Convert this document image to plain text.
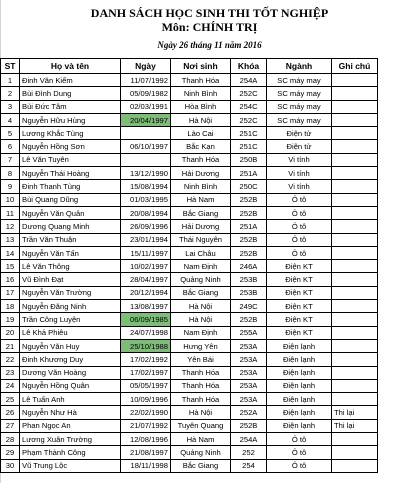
DANH SÁCH HỌC SINH THI TỐT NGHIỆP
Môn: CHÍNH TRỊ
Ngày 26 tháng 11 năm 2016
ST	Họ và tên	Ngày	Nơi sinh	Khóa	Ngành	Ghi chú
1	Đinh Văn Kiểm	11/07/1992	Thanh Hóa	254A	SC máy may	
2	Bùi Đình Dung	05/09/1982	Ninh Bình	252C	SC máy may	
3	Bùi Đức Tâm	02/03/1991	Hòa Bình	254C	SC máy may	
4	Nguyễn Hữu Hùng	20/04/1997	Hà Nội	252C	SC máy may	
5	Lương Khắc Tùng		Lào Cai	251C	Điện tử	
6	Nguyễn Hồng Sơn	06/10/1997	Bắc Kạn	251C	Điện tử	
7	Lê Văn Tuyên		Thanh Hóa	250B	Vi tính	
8	Nguyễn Thái Hoàng	13/12/1990	Hải Dương	251A	Vi tính	
9	Đinh Thanh Tùng	15/08/1994	Ninh Bình	250C	Vi tính	
10	Bùi Quang Dũng	01/03/1995	Hà Nam	252B	Ô tô	
11	Nguyễn Văn Quân	20/08/1994	Bắc Giang	252B	Ô tô	
12	Dương Quang Minh	26/09/1996	Hải Dương	251A	Ô tô	
13	Trần Văn Thuận	23/01/1994	Thái Nguyên	252B	Ô tô	
14	Nguyễn Văn Tấn	15/11/1997	Lai Châu	252B	Ô tô	
15	Lê Văn Thông	10/02/1997	Nam Định	246A	Điện KT	
16	Vũ Đình Đạt	28/04/1997	Quảng Ninh	253B	Điện KT	
17	Nguyễn Văn Trường	20/12/1994	Bắc Giang	253B	Điện KT	
18	Nguyễn Đăng Ninh	13/08/1997	Hà Nội	249C	Điện KT	
19	Trần Công Luyện	06/09/1985	Hà Nội	252B	Điện KT	
20	Lê Khả Phiêu	24/07/1998	Nam Định	255A	Điện KT	
21	Nguyễn Văn Huy	25/10/1988	Hưng Yên	253A	Điện lạnh	
22	Đinh Khương Duy	17/02/1992	Yên Bái	253A	Điện lạnh	
23	Dương Văn Hoàng	17/02/1997	Thanh Hóa	253A	Điện lạnh	
24	Nguyễn Hồng Quân	05/05/1997	Thanh Hóa	253A	Điện lạnh	
25	Lê Tuấn Anh	10/09/1996	Thanh Hóa	253A	Điện lạnh	
26	Nguyễn Như Hà	22/02/1990	Hà Nội	252A	Điện lạnh	Thi lại
27	Phan Ngọc An	21/07/1992	Tuyên Quang	252B	Điện lạnh	Thi lại
28	Lương Xuân Trường	12/08/1996	Hà Nam	254A	Ô tô	
29	Phạm Thành Công	21/08/1997	Quảng Ninh	252	Ô tô	
30	Vũ Trung Lộc	18/11/1998	Bắc Giang	254	Ô tô	
